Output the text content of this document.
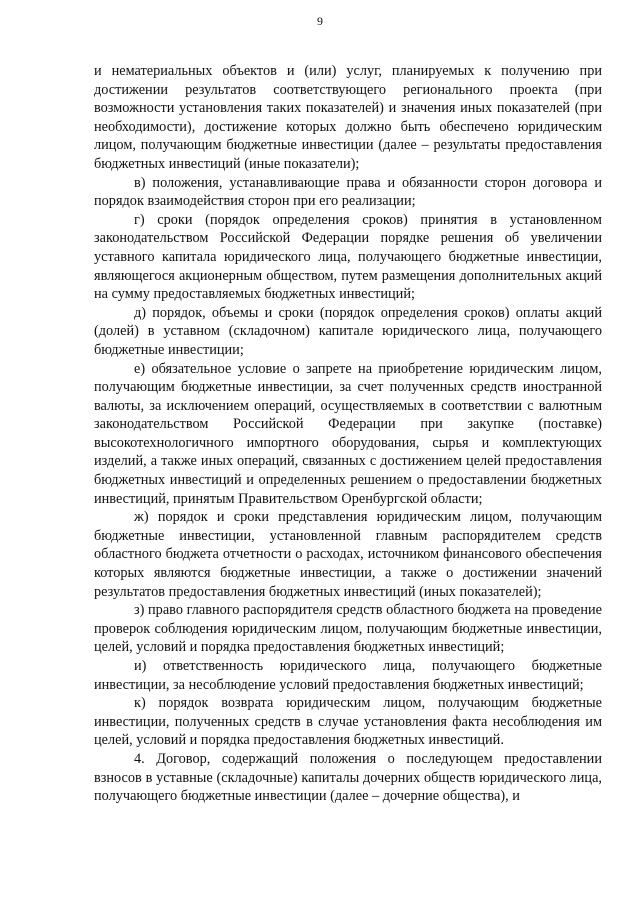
9

и нематериальных объектов и (или) услуг, планируемых к получению при достижении результатов соответствующего регионального проекта (при возможности установления таких показателей) и значения иных показателей (при необходимости), достижение которых должно быть обеспечено юридическим лицом, получающим бюджетные инвестиции (далее – результаты предоставления бюджетных инвестиций (иные показатели);

в) положения, устанавливающие права и обязанности сторон договора и порядок взаимодействия сторон при его реализации;

г) сроки (порядок определения сроков) принятия в установленном законодательством Российской Федерации порядке решения об увеличении уставного капитала юридического лица, получающего бюджетные инвестиции, являющегося акционерным обществом, путем размещения дополнительных акций на сумму предоставляемых бюджетных инвестиций;

д) порядок, объемы и сроки (порядок определения сроков) оплаты акций (долей) в уставном (складочном) капитале юридического лица, получающего бюджетные инвестиции;

е) обязательное условие о запрете на приобретение юридическим лицом, получающим бюджетные инвестиции, за счет полученных средств иностранной валюты, за исключением операций, осуществляемых в соответствии с валютным законодательством Российской Федерации при закупке (поставке) высокотехнологичного импортного оборудования, сырья и комплектующих изделий, а также иных операций, связанных с достижением целей предоставления бюджетных инвестиций и определенных решением о предоставлении бюджетных инвестиций, принятым Правительством Оренбургской области;

ж) порядок и сроки представления юридическим лицом, получающим бюджетные инвестиции, установленной главным распорядителем средств областного бюджета отчетности о расходах, источником финансового обеспечения которых являются бюджетные инвестиции, а также о достижении значений результатов предоставления бюджетных инвестиций (иных показателей);

з) право главного распорядителя средств областного бюджета на проведение проверок соблюдения юридическим лицом, получающим бюджетные инвестиции, целей, условий и порядка предоставления бюджетных инвестиций;

и) ответственность юридического лица, получающего бюджетные инвестиции, за несоблюдение условий предоставления бюджетных инвестиций;

к) порядок возврата юридическим лицом, получающим бюджетные инвестиции, полученных средств в случае установления факта несоблюдения им целей, условий и порядка предоставления бюджетных инвестиций.

4. Договор, содержащий положения о последующем предоставлении взносов в уставные (складочные) капиталы дочерних обществ юридического лица, получающего бюджетные инвестиции (далее – дочерние общества), и
